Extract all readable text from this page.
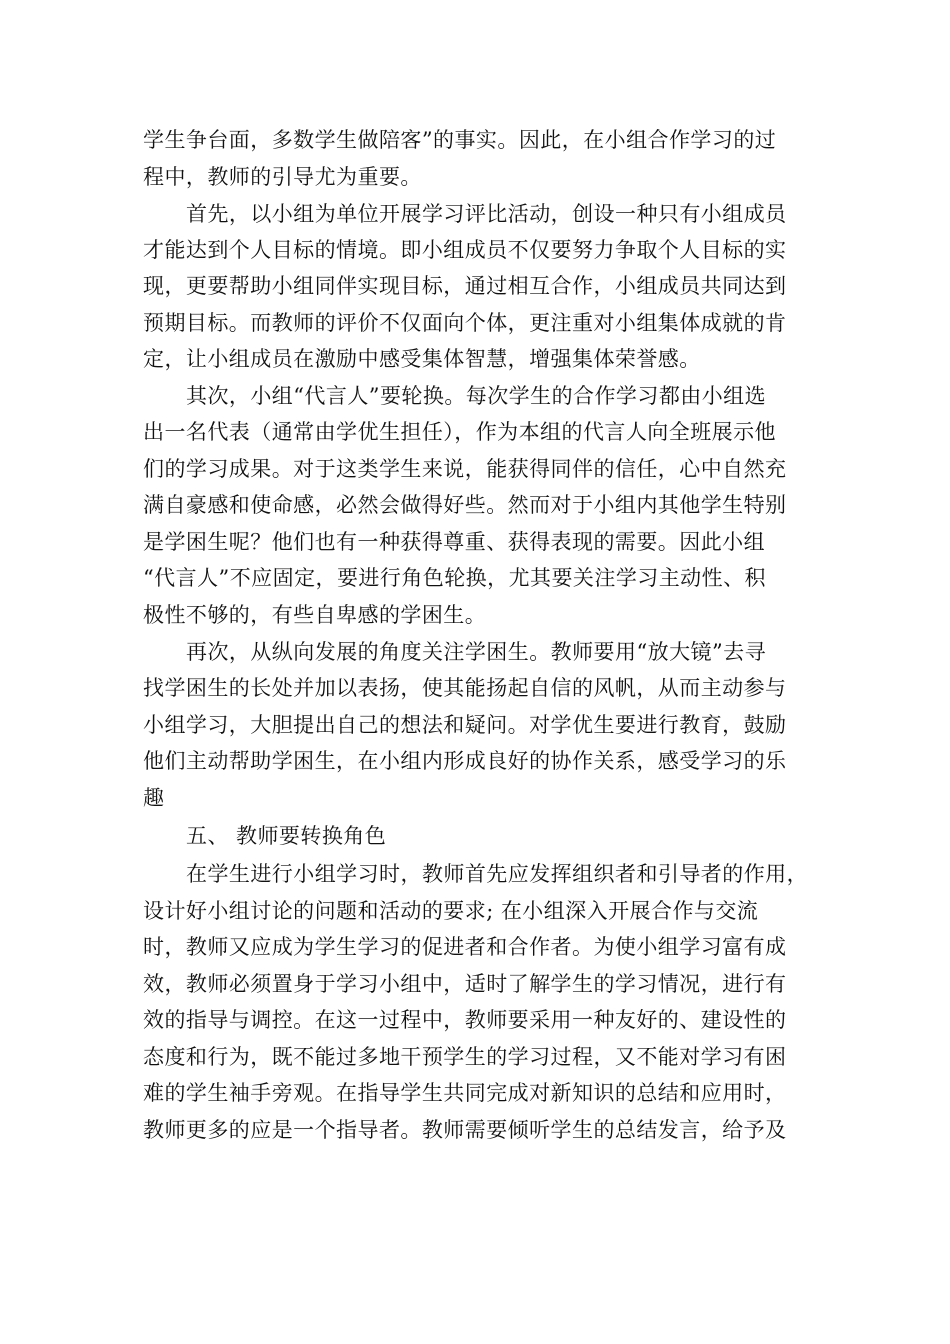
学生争台面，多数学生做陪客”的事实。因此，在小组合作学习的过
程中，教师的引导尤为重要。
首先，以小组为单位开展学习评比活动，创设一种只有小组成员
才能达到个人目标的情境。即小组成员不仅要努力争取个人目标的实
现，更要帮助小组同伴实现目标，通过相互合作，小组成员共同达到
预期目标。而教师的评价不仅面向个体，更注重对小组集体成就的肯
定，让小组成员在激励中感受集体智慧，增强集体荣誉感。
其次，小组“代言人”要轮换。每次学生的合作学习都由小组选
出一名代表（通常由学优生担任），作为本组的代言人向全班展示他
们的学习成果。对于这类学生来说，能获得同伴的信任，心中自然充
满自豪感和使命感，必然会做得好些。然而对于小组内其他学生特别
是学困生呢？他们也有一种获得尊重、获得表现的需要。因此小组
“代言人”不应固定，要进行角色轮换，尤其要关注学习主动性、积
极性不够的，有些自卑感的学困生。
再次，从纵向发展的角度关注学困生。教师要用“放大镜”去寻
找学困生的长处并加以表扬，使其能扬起自信的风帆，从而主动参与
小组学习，大胆提出自己的想法和疑问。对学优生要进行教育，鼓励
他们主动帮助学困生，在小组内形成良好的协作关系，感受学习的乐
趣
五、 教师要转换角色
在学生进行小组学习时，教师首先应发挥组织者和引导者的作用，
设计好小组讨论的问题和活动的要求; 在小组深入开展合作与交流
时，教师又应成为学生学习的促进者和合作者。为使小组学习富有成
效，教师必须置身于学习小组中，适时了解学生的学习情况，进行有
效的指导与调控。在这一过程中，教师要采用一种友好的、建设性的
态度和行为，既不能过多地干预学生的学习过程，又不能对学习有困
难的学生袖手旁观。在指导学生共同完成对新知识的总结和应用时，
教师更多的应是一个指导者。教师需要倾听学生的总结发言，给予及
